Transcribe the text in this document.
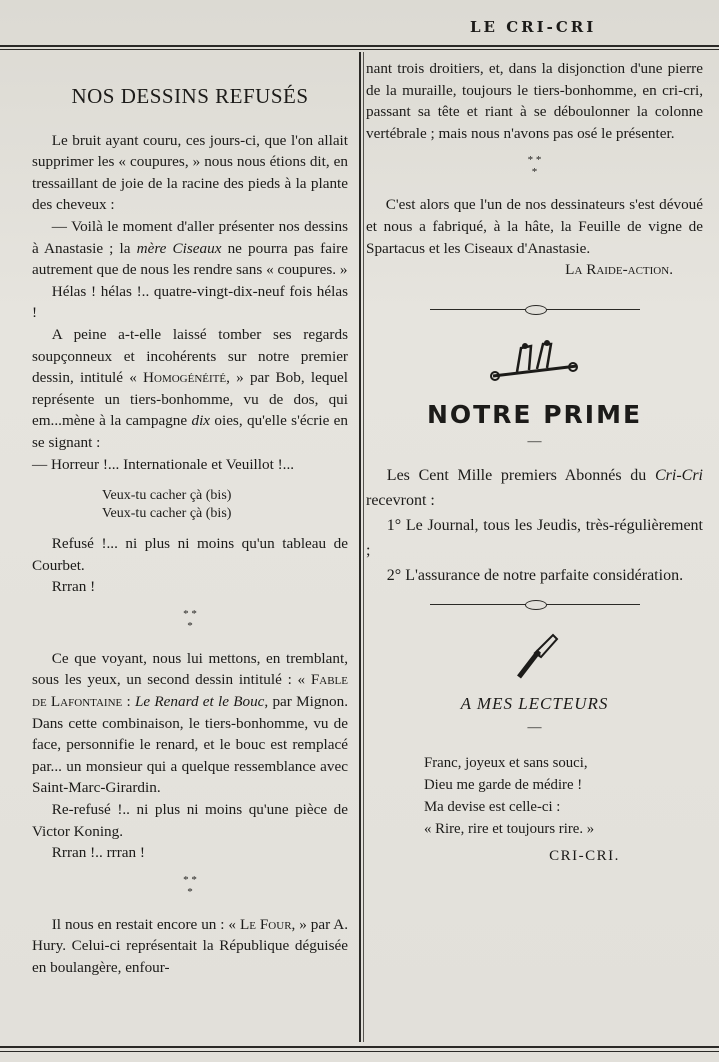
LE CRI-CRI
NOS DESSINS REFUSÉS

Le bruit ayant couru, ces jours-ci, que l'on allait supprimer les « coupures, » nous nous étions dit, en tressaillant de joie de la racine des pieds à la plante des cheveux :

— Voilà le moment d'aller présenter nos dessins à Anastasie ; la mère Ciseaux ne pourra pas faire autrement que de nous les rendre sans « coupures. »

Hélas ! hélas !.. quatre-vingt-dix-neuf fois hélas !

A peine a-t-elle laissé tomber ses regards soupçonneux et incohérents sur notre premier dessin, intitulé « Homogénéité, » par Bob, lequel représente un tiers-bonhomme, vu de dos, qui em...mène à la campagne dix oies, qu'elle s'écrie en se signant :

— Horreur !... Internationale et Veuillot !...

Veux-tu cacher çà (bis)
Veux-tu cacher çà (bis)

Refusé !... ni plus ni moins qu'un tableau de Courbet.

Rrran !

* *
*

Ce que voyant, nous lui mettons, en tremblant, sous les yeux, un second dessin intitulé : « Fable de Lafontaine : Le Renard et le Bouc, par Mignon. Dans cette combinaison, le tiers-bonhomme, vu de face, personnifie le renard, et le bouc est remplacé par... un monsieur qui a quelque ressemblance avec Saint-Marc-Girardin.

Re-refusé !.. ni plus ni moins qu'une pièce de Victor Koning.

Rrran !.. rrran !

* *
*

Il nous en restait encore un : « Le Four, » par A. Hury. Celui-ci représentait la République déguisée en boulangère, enfour-

nant trois droitiers, et, dans la disjonction d'une pierre de la muraille, toujours le tiers-bonhomme, en cri-cri, passant sa tête et riant à se déboulonner la colonne vertébrale ; mais nous n'avons pas osé le présenter.

* *
*

C'est alors que l'un de nos dessinateurs s'est dévoué et nous a fabriqué, à la hâte, la Feuille de vigne de Spartacus et les Ciseaux d'Anastasie.

La Raide-action.

NOTRE PRIME
—

Les Cent Mille premiers Abonnés du Cri-Cri recevront :

1° Le Journal, tous les Jeudis, très-régulièrement ;

2° L'assurance de notre parfaite considération.

A MES LECTEURS
—
Franc, joyeux et sans souci,
Dieu me garde de médire !
Ma devise est celle-ci :
« Rire, rire et toujours rire. »
CRI-CRI.
